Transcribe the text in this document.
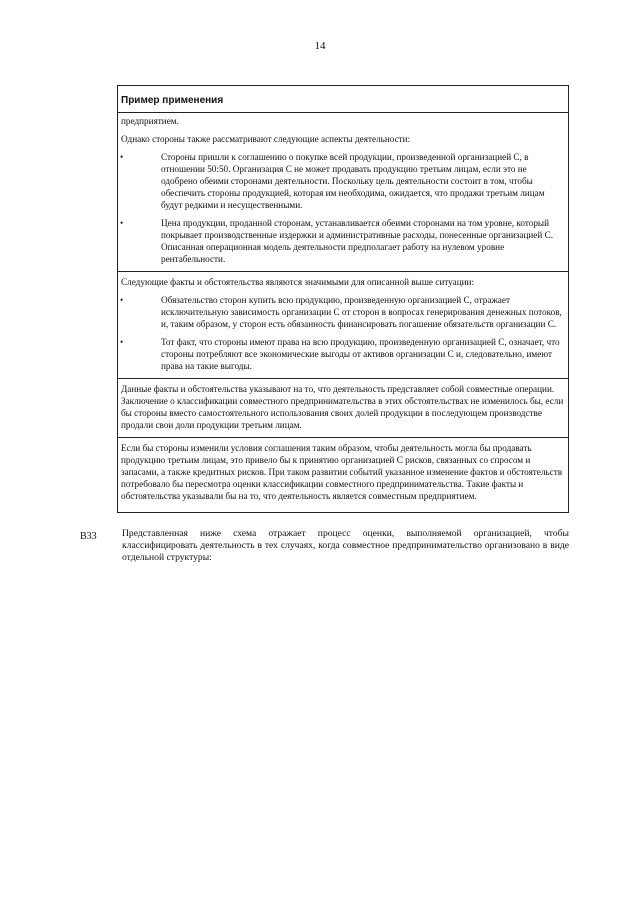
14
Пример применения

предприятием.

Однако стороны также рассматривают следующие аспекты деятельности:

•	Стороны пришли к соглашению о покупке всей продукции, произведенной организацией С, в отношении 50:50. Организация С не может продавать продукцию третьим лицам, если это не одобрено обеими сторонами деятельности. Поскольку цель деятельности состоит в том, чтобы обеспечить стороны продукцией, которая им необходима, ожидается, что продажи третьим лицам будут редкими и несущественными.
•	Цена продукции, проданной сторонам, устанавливается обеими сторонами на том уровне, который покрывает производственные издержки и административные расходы, понесенные организацией С. Описанная операционная модель деятельности предполагает работу на нулевом уровне рентабельности.

Следующие факты и обстоятельства являются значимыми для описанной выше ситуации:

•	Обязательство сторон купить всю продукцию, произведенную организацией С, отражает исключительную зависимость организации С от сторон в вопросах генерирования денежных потоков, и, таким образом, у сторон есть обязанность финансировать погашение обязательств организации С.
•	Тот факт, что стороны имеют права на всю продукцию, произведенную организацией С, означает, что стороны потребляют все экономические выгоды от активов организации С и, следовательно, имеют права на такие выгоды.

Данные факты и обстоятельства указывают на то, что деятельность представляет собой совместные операции. Заключение о классификации совместного предпринимательства в этих обстоятельствах не изменилось бы, если бы стороны вместо самостоятельного использования своих долей продукции в последующем производстве продали свои доли продукции третьим лицам.

Если бы стороны изменили условия соглашения таким образом, чтобы деятельность могла бы продавать продукцию третьим лицам, это привело бы к принятию организацией С рисков, связанных со спросом и запасами, а также кредитных рисков. При таком развитии событий указанное изменение фактов и обстоятельств потребовало бы пересмотра оценки классификации совместного предпринимательства. Такие факты и обстоятельства указывали бы на то, что деятельность является совместным предприятием.

B33	Представленная ниже схема отражает процесс оценки, выполняемой организацией, чтобы классифицировать деятельность в тех случаях, когда совместное предпринимательство организовано в виде отдельной структуры:
